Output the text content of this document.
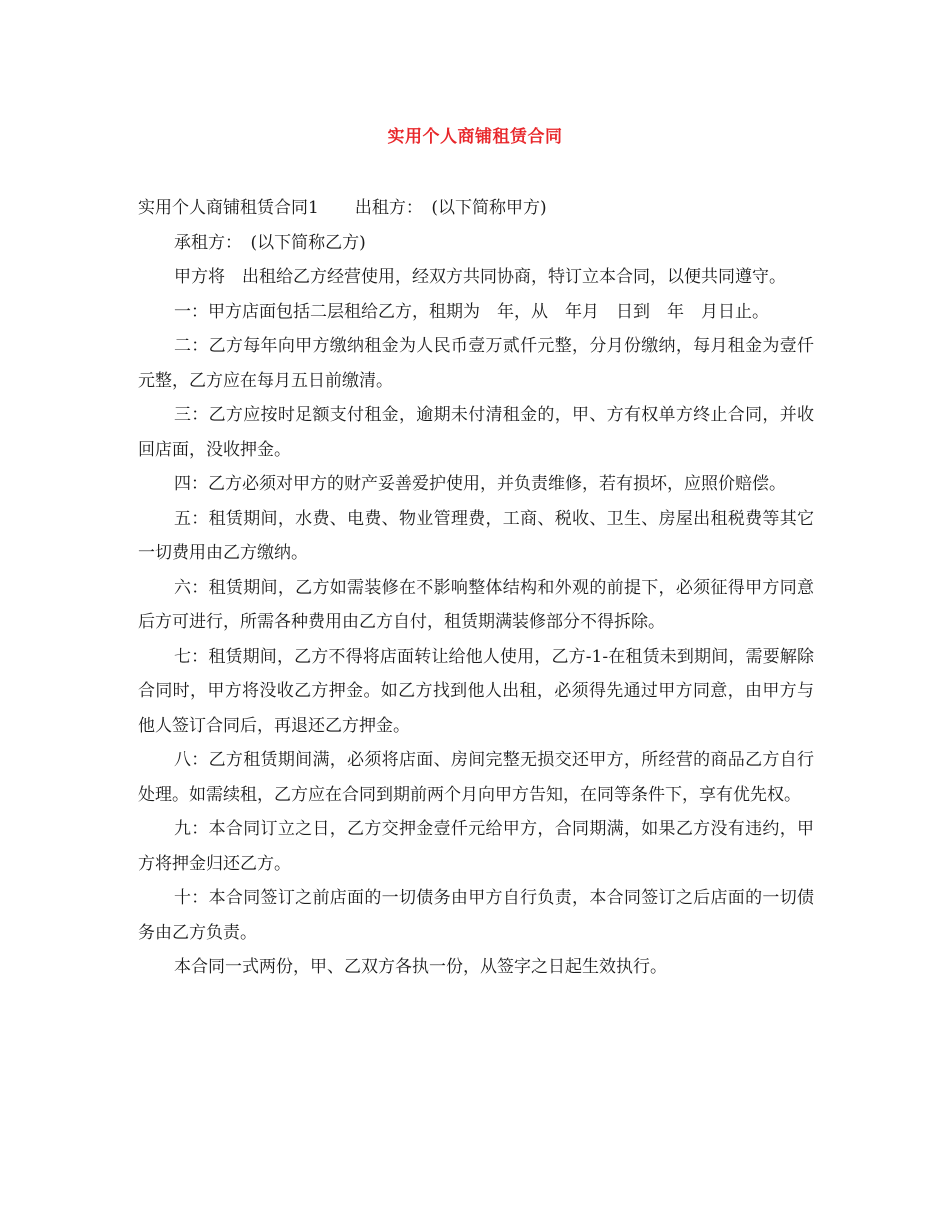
实用个人商铺租赁合同

实用个人商铺租赁合同1 出租方：　(以下简称甲方)

承租方：　(以下简称乙方)

甲方将　出租给乙方经营使用，经双方共同协商，特订立本合同，以便共同遵守。

一：甲方店面包括二层租给乙方，租期为　年，从　年月　日到　年　月日止。

二：乙方每年向甲方缴纳租金为人民币壹万贰仟元整，分月份缴纳，每月租金为壹仟元整，乙方应在每月五日前缴清。

三：乙方应按时足额支付租金，逾期未付清租金的，甲、方有权单方终止合同，并收回店面，没收押金。

四：乙方必须对甲方的财产妥善爱护使用，并负责维修，若有损坏，应照价赔偿。

五：租赁期间，水费、电费、物业管理费，工商、税收、卫生、房屋出租税费等其它一切费用由乙方缴纳。

六：租赁期间，乙方如需装修在不影响整体结构和外观的前提下，必须征得甲方同意后方可进行，所需各种费用由乙方自付，租赁期满装修部分不得拆除。

七：租赁期间，乙方不得将店面转让给他人使用，乙方-1-在租赁未到期间，需要解除合同时，甲方将没收乙方押金。如乙方找到他人出租，必须得先通过甲方同意，由甲方与他人签订合同后，再退还乙方押金。

八：乙方租赁期间满，必须将店面、房间完整无损交还甲方，所经营的商品乙方自行处理。如需续租，乙方应在合同到期前两个月向甲方告知，在同等条件下，享有优先权。

九：本合同订立之日，乙方交押金壹仟元给甲方，合同期满，如果乙方没有违约，甲方将押金归还乙方。

十：本合同签订之前店面的一切债务由甲方自行负责，本合同签订之后店面的一切债务由乙方负责。

本合同一式两份，甲、乙双方各执一份，从签字之日起生效执行。
